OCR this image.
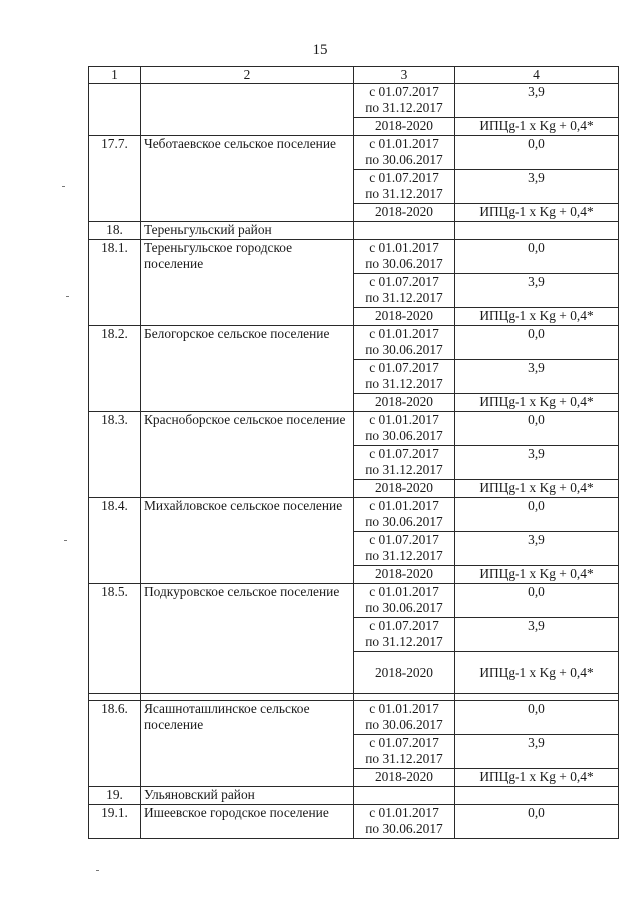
15
1	2	3	4
		с 01.07.2017
по 31.12.2017	3,9
		2018-2020	ИПЦg-1 x Kg + 0,4*
17.7.	Чеботаевское сельское поселение	с 01.01.2017
по 30.06.2017	0,0
		с 01.07.2017
по 31.12.2017	3,9
		2018-2020	ИПЦg-1 x Kg + 0,4*
18.	Тереньгульский район		
18.1.	Тереньгульское городское поселение	с 01.01.2017
по 30.06.2017	0,0
		с 01.07.2017
по 31.12.2017	3,9
		2018-2020	ИПЦg-1 x Kg + 0,4*
18.2.	Белогорское сельское поселение	с 01.01.2017
по 30.06.2017	0,0
		с 01.07.2017
по 31.12.2017	3,9
		2018-2020	ИПЦg-1 x Kg + 0,4*
18.3.	Красноборское сельское поселение	с 01.01.2017
по 30.06.2017	0,0
		с 01.07.2017
по 31.12.2017	3,9
		2018-2020	ИПЦg-1 x Kg + 0,4*
18.4.	Михайловское сельское поселение	с 01.01.2017
по 30.06.2017	0,0
		с 01.07.2017
по 31.12.2017	3,9
		2018-2020	ИПЦg-1 x Kg + 0,4*
18.5.	Подкуровское сельское поселение	с 01.01.2017
по 30.06.2017	0,0
		с 01.07.2017
по 31.12.2017	3,9
		2018-2020	ИПЦg-1 x Kg + 0,4*

18.6.	Ясашноташлинское сельское поселение	с 01.01.2017
по 30.06.2017	0,0
		с 01.07.2017
по 31.12.2017	3,9
		2018-2020	ИПЦg-1 x Kg + 0,4*
19.	Ульяновский район		
19.1.	Ишеевское городское поселение	с 01.01.2017
по 30.06.2017	0,0
